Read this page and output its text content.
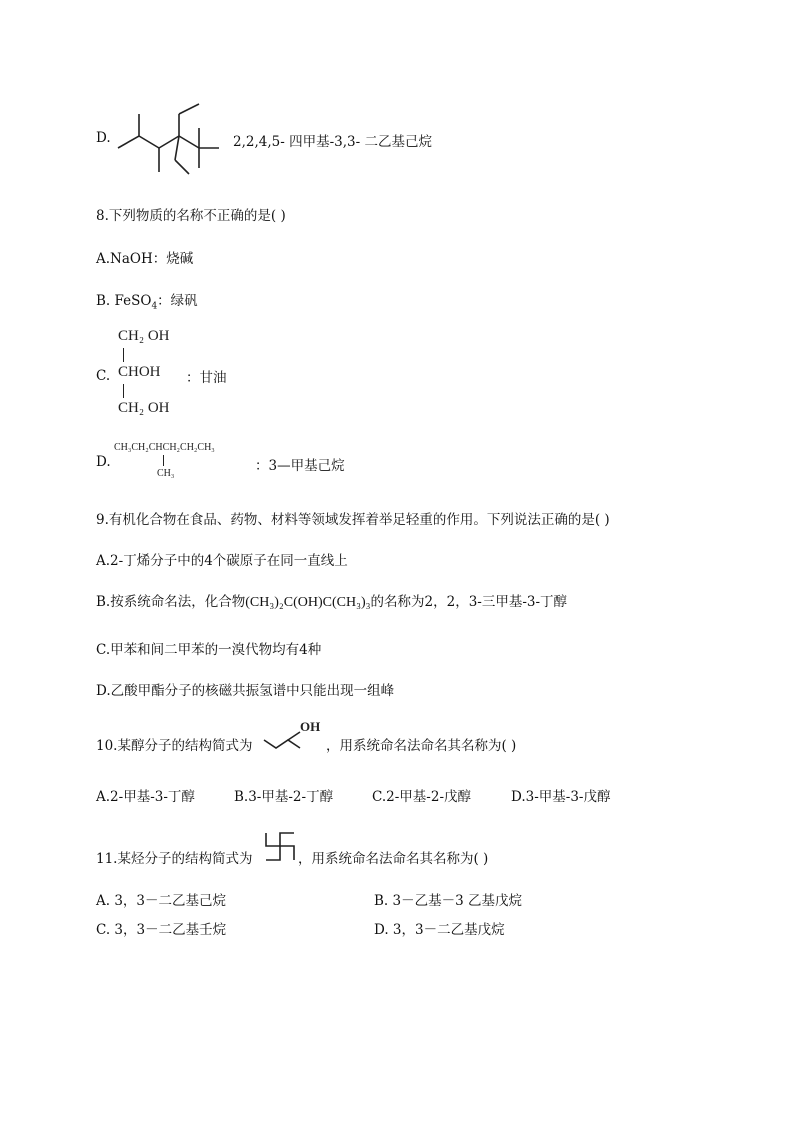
D.	2,2,4,5- 四甲基-3,3- 二乙基己烷
8.下列物质的名称不正确的是( )
A.NaOH：烧碱
B. FeSO$_4$：绿矾
C.
CH₂ OH
CHOH
CH₂ OH
：甘油
D.
CH₃CH₂CHCH₂CH₂CH₃
CH₃	：3—甲基己烷
9.有机化合物在食品、药物、材料等领域发挥着举足轻重的作用。下列说法正确的是( )
A.2-丁烯分子中的4个碳原子在同一直线上
B.按系统命名法，化合物(CH₃)₂C(OH)C(CH₃)₃的名称为2，2，3-三甲基-3-丁醇
C.甲苯和间二甲苯的一溴代物均有4种
D.乙酸甲酯分子的核磁共振氢谱中只能出现一组峰
10.某醇分子的结构简式为
OH
，用系统命名法命名其名称为( )
A.2-甲基-3-丁醇	B.3-甲基-2-丁醇	C.2-甲基-2-戊醇	D.3-甲基-3-戊醇
11.某烃分子的结构简式为	，用系统命名法命名其名称为( )
A. 3，3－二乙基己烷	B. 3－乙基－3 乙基戊烷
C. 3，3－二乙基壬烷	D. 3，3－二乙基戊烷
